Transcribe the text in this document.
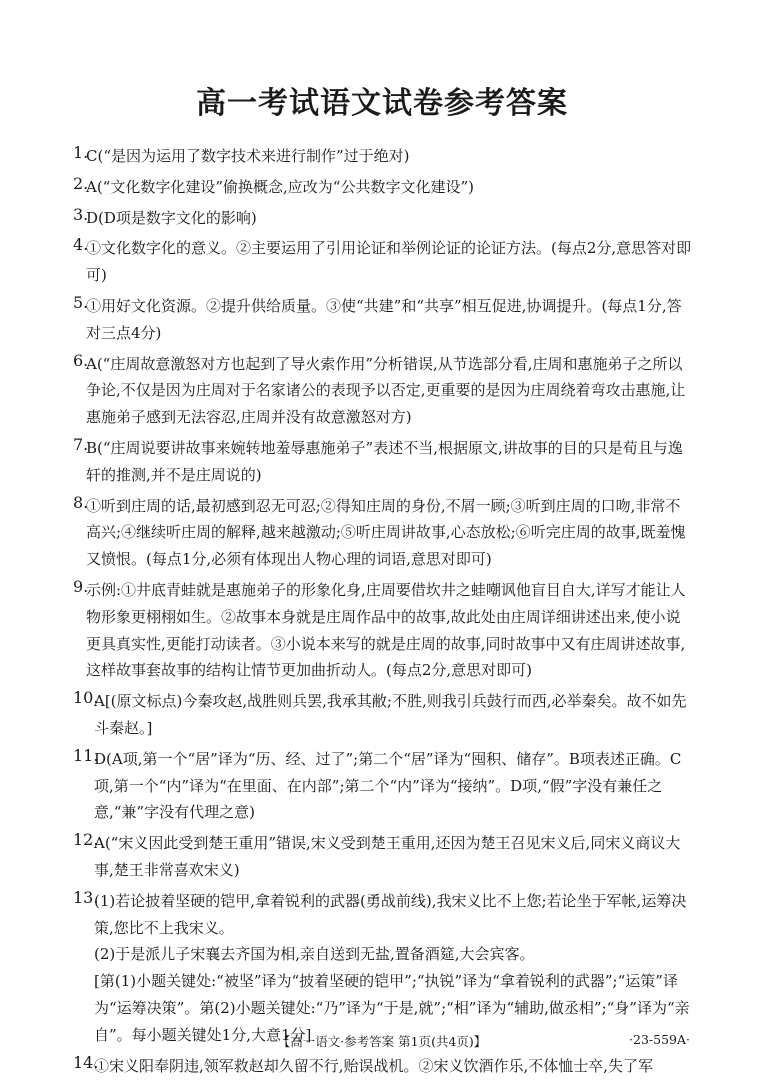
高一考试语文试卷参考答案
1.

C(“是因为运用了数字技术来进行制作”过于绝对)

2.

A(“文化数字化建设”偷换概念,应改为“公共数字文化建设”)

3.

D(D项是数字文化的影响)

4.

①文化数字化的意义。②主要运用了引用论证和举例论证的论证方法。(每点2分,意思答对即可)

5.

①用好文化资源。②提升供给质量。③使“共建”和“共享”相互促进,协调提升。(每点1分,答对三点4分)

6.

A(“庄周故意激怒对方也起到了导火索作用”分析错误,从节选部分看,庄周和惠施弟子之所以争论,不仅是因为庄周对于名家诸公的表现予以否定,更重要的是因为庄周绕着弯攻击惠施,让惠施弟子感到无法容忍,庄周并没有故意激怒对方)

7.

B(“庄周说要讲故事来婉转地羞辱惠施弟子”表述不当,根据原文,讲故事的目的只是荀且与逸轩的推测,并不是庄周说的)

8.

①听到庄周的话,最初感到忍无可忍;②得知庄周的身份,不屑一顾;③听到庄周的口吻,非常不高兴;④继续听庄周的解释,越来越激动;⑤听庄周讲故事,心态放松;⑥听完庄周的故事,既羞愧又愤恨。(每点1分,必须有体现出人物心理的词语,意思对即可)

9.

示例:①井底青蛙就是惠施弟子的形象化身,庄周要借坎井之蛙嘲讽他盲目自大,详写才能让人物形象更栩栩如生。②故事本身就是庄周作品中的故事,故此处由庄周详细讲述出来,使小说更具真实性,更能打动读者。③小说本来写的就是庄周的故事,同时故事中又有庄周讲述故事,这样故事套故事的结构让情节更加曲折动人。(每点2分,意思对即可)

10.

A[(原文标点)今秦攻赵,战胜则兵罢,我承其敝;不胜,则我引兵鼓行而西,必举秦矣。故不如先斗秦赵。]

11.

D(A项,第一个“居”译为“历、经、过了”;第二个“居”译为“囤积、储存”。B项表述正确。C项,第一个“内”译为“在里面、在内部”;第二个“内”译为“接纳”。D项,“假”字没有兼任之意,“兼”字没有代理之意)

12.

A(“宋义因此受到楚王重用”错误,宋义受到楚王重用,还因为楚王召见宋义后,同宋义商议大事,楚王非常喜欢宋义)

13.

(1)若论披着坚硬的铠甲,拿着锐利的武器(勇战前线),我宋义比不上您;若论坐于军帐,运筹决策,您比不上我宋义。

(2)于是派儿子宋襄去齐国为相,亲自送到无盐,置备酒筵,大会宾客。

[第(1)小题关键处:“被坚”译为“披着坚硬的铠甲”;“执锐”译为“拿着锐利的武器”;“运策”译为“运筹决策”。第(2)小题关键处:“乃”译为“于是,就”;“相”译为“辅助,做丞相”;“身”译为“亲自”。每小题关键处1分,大意1分]

14.

①宋义阳奉阴违,领军救赵却久留不行,贻误战机。②宋义饮酒作乐,不体恤士卒,失了军

【高一语文·参考答案 第1页(共4页)】	·23-559A·
